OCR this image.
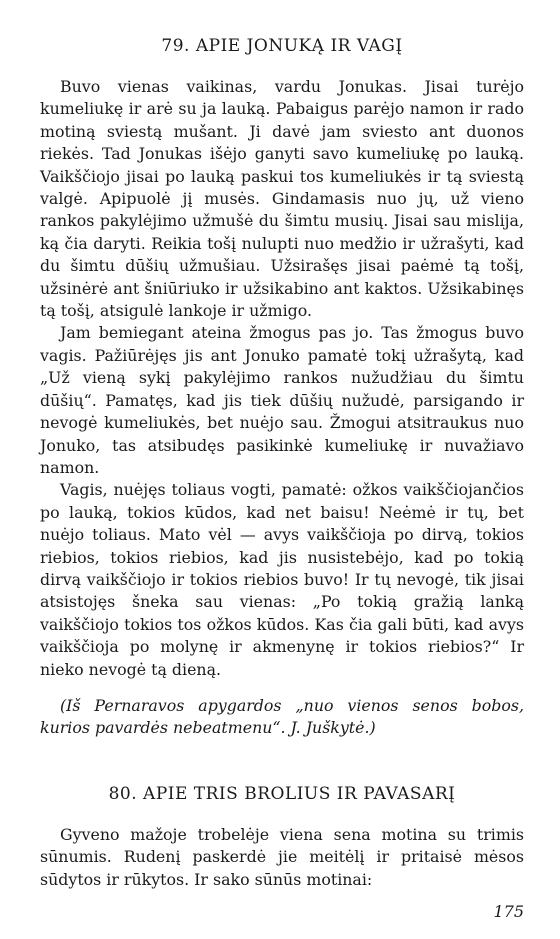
79. APIE JONUKĄ IR VAGĮ

Buvo vienas vaikinas, vardu Jonukas. Jisai turėjo kumeliukę ir arė su ja lauką. Pabaigus parėjo namon ir rado motiną sviestą mušant. Ji davė jam sviesto ant duonos riekės. Tad Jonukas išėjo ganyti savo kumeliukę po lauką. Vaikščiojo jisai po lauką paskui tos kumeliukės ir tą sviestą valgė. Apipuolė jį musės. Gindamasis nuo jų, už vieno rankos pakylėjimo užmušė du šimtu musių. Jisai sau mislija, ką čia daryti. Reikia tošį nulupti nuo medžio ir užrašyti, kad du šimtu dūšių užmušiau. Užsirašęs jisai paėmė tą tošį, užsinėrė ant šniūriuko ir užsikabino ant kaktos. Užsikabinęs tą tošį, atsigulė lankoje ir užmigo.

Jam bemiegant ateina žmogus pas jo. Tas žmogus buvo vagis. Pažiūrėjęs jis ant Jonuko pamatė tokį užrašytą, kad „Už vieną sykį pakylėjimo rankos nužudžiau du šimtu dūšių“. Pamatęs, kad jis tiek dūšių nužudė, parsigando ir nevogė kumeliukės, bet nuėjo sau. Žmogui atsitraukus nuo Jonuko, tas atsibudęs pasikinkė kumeliukę ir nuvažiavo namon.

Vagis, nuėjęs toliaus vogti, pamatė: ožkos vaikščiojančios po lauką, tokios kūdos, kad net baisu! Neėmė ir tų, bet nuėjo toliaus. Mato vėl — avys vaikščioja po dirvą, tokios riebios, tokios riebios, kad jis nusistebėjo, kad po tokią dirvą vaikščiojo ir tokios riebios buvo! Ir tų nevogė, tik jisai atsistojęs šneka sau vienas: „Po tokią gražią lanką vaikščiojo tokios tos ožkos kūdos. Kas čia gali būti, kad avys vaikščioja po molynę ir akmenynę ir tokios riebios?“ Ir nieko nevogė tą dieną.

(Iš Pernaravos apygardos „nuo vienos senos bobos, kurios pavardės nebeatmenu“. J. Juškytė.)

80. APIE TRIS BROLIUS IR PAVASARĮ

Gyveno mažoje trobelėje viena sena motina su trimis sūnumis. Rudenį paskerdė jie meitėlį ir pritaisė mėsos sūdytos ir rūkytos. Ir sako sūnūs motinai:

175
